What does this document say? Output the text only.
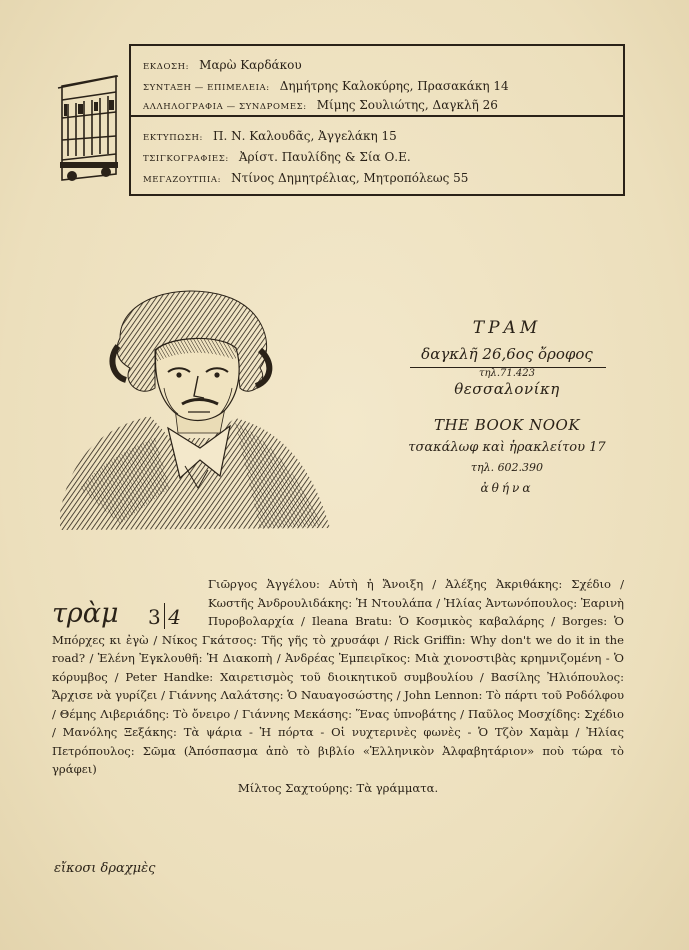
ΕΚΔΟΣΗ: Μαρὼ Καρδάκου
ΣΥΝΤΑΞΗ — ΕΠΙΜΕΛΕΙΑ: Δημήτρης Καλοκύρης, Πρασακάκη 14
ΑΛΛΗΛΟΓΡΑΦΙΑ — ΣΥΝΔΡΟΜΕΣ: Μίμης Σουλιώτης, Δαγκλῆ 26
ΕΚΤΥΠΩΣΗ: Π. Ν. Καλουδᾶς, Ἀγγελάκη 15
ΤΣΙΓΚΟΓΡΑΦΙΕΣ: Ἀρίστ. Παυλίδης & Σία Ο.Ε.
ΜΕΓΑΖΟΥΤΠΙΑ: Ντίνος Δημητρέλιας, Μητροπόλεως 55
ΤΡΑΜ
δαγκλῆ 26,6ος ὄροφος
τηλ.71.423
θεσσαλονίκη
THE BOOK NOOK
τσακάλωφ καὶ ἡρακλείτου 17
τηλ. 602.390
ἀθήνα
τρὰμ 3 4
Γιῶργος Ἀγγέλου: Αὐτὴ ἡ Ἄνοιξη / Ἀλέξης Ἀκριθάκης: Σχέδιο / Κωστῆς Ἀνδρουλιδάκης: Ἡ Ντουλάπα / Ἠλίας Ἀντωνόπουλος: Ἐαρινὴ Πυροβολαρχία / Ileana Bratu: Ὁ Κοσμικὸς καβαλάρης / Borges: Ὁ Μπόρχες κι ἐγὼ / Νίκος Γκάτσος: Τῆς γῆς τὸ χρυσάφι / Rick Griffin: Why don't we do it in the road? / Ἑλένη Ἐγκλουθῆ: Ἡ Διακοπὴ / Ἀνδρέας Ἐμπειρῖκος: Μιὰ χιονοστιβὰς κρημνιζομένη - Ὁ κόρυμβος / Peter Handke: Χαιρετισμὸς τοῦ διοικητικοῦ συμβουλίου / Βασίλης Ἠλιόπουλος: Ἄρχισε νὰ γυρίζει / Γιάννης Λαλάτσης: Ὁ Ναυαγοσώστης / John Lennon: Τὸ πάρτι τοῦ Ροδόλφου / Θέμης Λιβεριάδης: Τὸ ὄνειρο / Γιάννης Μεκάσης: Ἕνας ὑπνοβάτης / Παῦλος Μοσχίδης: Σχέδιο / Μανόλης Ξεξάκης: Τὰ ψάρια - Ἡ πόρτα - Οἱ νυχτερινὲς φωνὲς - Ὁ Τζὸν Χαμὰμ / Ἠλίας Πετρόπουλος: Σῶμα (Ἀπόσπασμα ἀπὸ τὸ βιβλίο «Ἑλληνικὸν Ἀλφαβητάριον» ποὺ τώρα τὸ γράφει)
Μίλτος Σαχτούρης: Τὰ γράμματα.
εἴκοσι δραχμὲς
